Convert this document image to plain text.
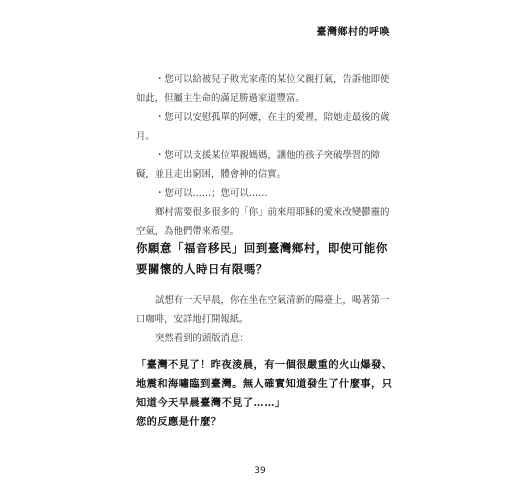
臺灣鄉村的呼喚

・您可以給被兒子敗光家產的某位父親打氣，告訴他即使如此，但屬主生命的滿足勝過家道豐富。

・您可以安慰孤單的阿嬤，在主的愛裡，陪她走最後的歲月。

・您可以支援某位單親媽媽，讓他的孩子突破學習的障礙，並且走出窮困，體會神的信實。

・您可以……；您可以……

鄉村需要很多很多的「你」前來用耶穌的愛來改變鬰靈的空氣，為他們帶來希望。

你願意「福音移民」回到臺灣鄉村，即使可能你要關懷的人時日有限嗎？

試想有一天早晨，你在坐在空氣清新的陽臺上，喝著第一口咖啡，安詳地打開報紙。

突然看到的頭版消息：

「臺灣不見了！昨夜淩晨，有一個很嚴重的火山爆發、地震和海嘯臨到臺灣。無人確實知道發生了什麼事，只知道今天早晨臺灣不見了……」
您的反應是什麼？
39
